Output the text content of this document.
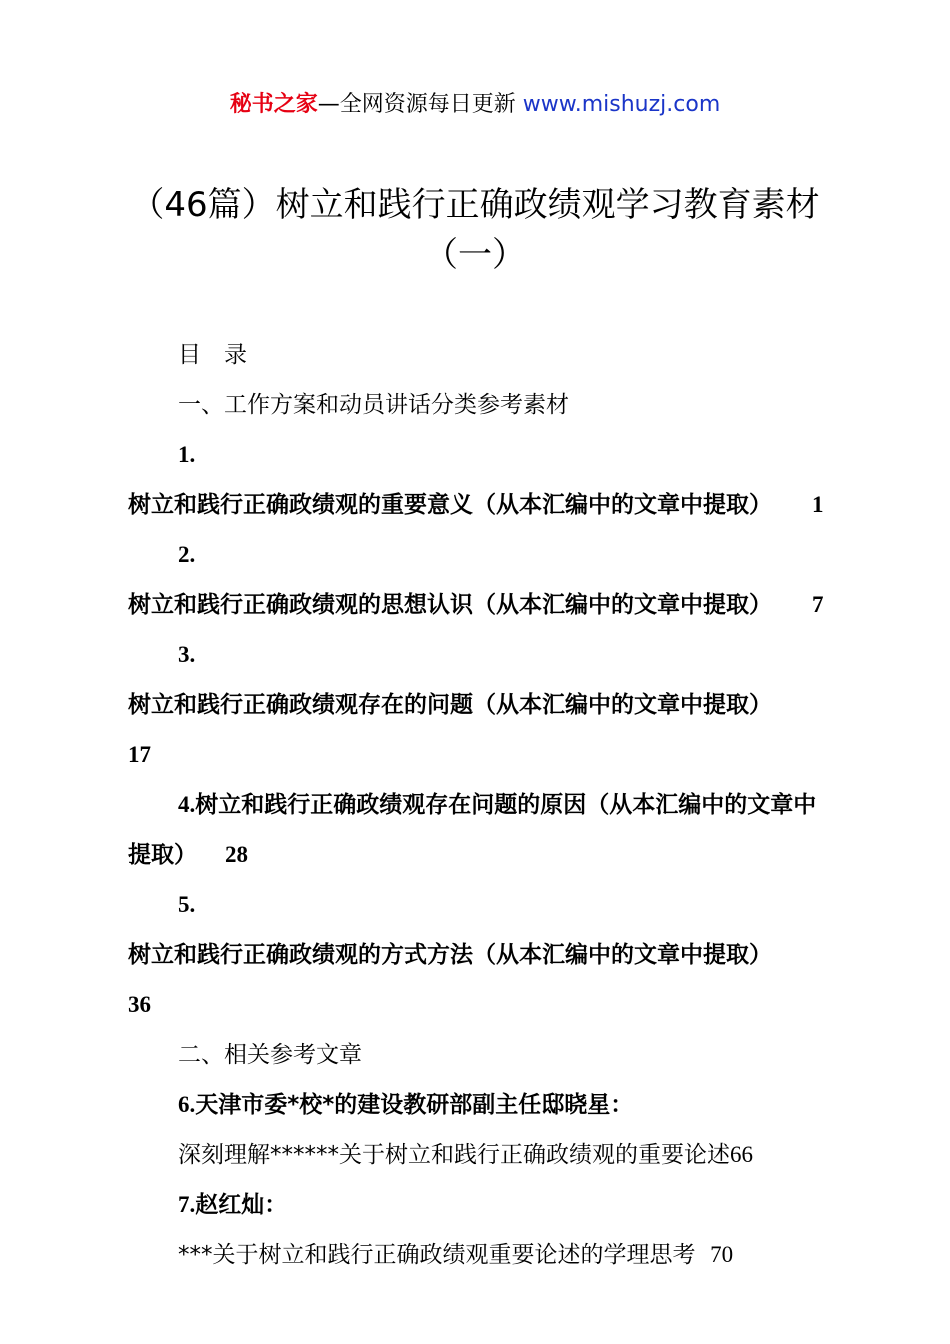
秘书之家—全网资源每日更新 www.mishuzj.com
（46篇）树立和践行正确政绩观学习教育素材（一）

目　录

一、工作方案和动员讲话分类参考素材

1.树立和践行正确政绩观的重要意义（从本汇编中的文章中提取） 1

2.树立和践行正确政绩观的思想认识（从本汇编中的文章中提取） 7

3.树立和践行正确政绩观存在的问题（从本汇编中的文章中提取）17

4.树立和践行正确政绩观存在问题的原因（从本汇编中的文章中提取） 28

5.树立和践行正确政绩观的方式方法（从本汇编中的文章中提取）36

二、相关参考文章

6.天津市委*校*的建设教研部副主任邸晓星：

深刻理解******关于树立和践行正确政绩观的重要论述66

7.赵红灿：

***关于树立和践行正确政绩观重要论述的学理思考 70
